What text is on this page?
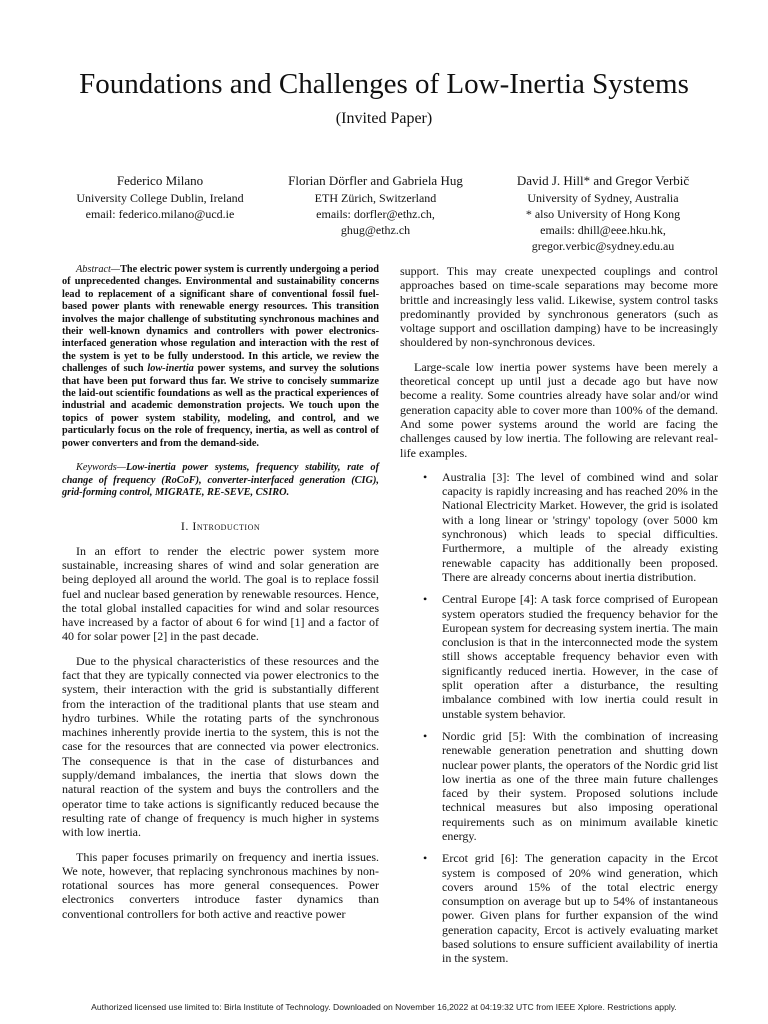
Foundations and Challenges of Low-Inertia Systems
(Invited Paper)
Federico Milano
University College Dublin, Ireland
email: federico.milano@ucd.ie
Florian Dörfler and Gabriela Hug
ETH Zürich, Switzerland
emails: dorfler@ethz.ch,
ghug@ethz.ch
David J. Hill* and Gregor Verbič
University of Sydney, Australia
* also University of Hong Kong
emails: dhill@eee.hku.hk,
gregor.verbic@sydney.edu.au

Abstract—The electric power system is currently undergoing a period of unprecedented changes. Environmental and sustainability concerns lead to replacement of a significant share of conventional fossil fuel-based power plants with renewable energy resources. This transition involves the major challenge of substituting synchronous machines and their well-known dynamics and controllers with power electronics-interfaced generation whose regulation and interaction with the rest of the system is yet to be fully understood. In this article, we review the challenges of such low-inertia power systems, and survey the solutions that have been put forward thus far. We strive to concisely summarize the laid-out scientific foundations as well as the practical experiences of industrial and academic demonstration projects. We touch upon the topics of power system stability, modeling, and control, and we particularly focus on the role of frequency, inertia, as well as control of power converters and from the demand-side.

Keywords—Low-inertia power systems, frequency stability, rate of change of frequency (RoCoF), converter-interfaced generation (CIG), grid-forming control, MIGRATE, RE-SEVE, CSIRO.

I. Introduction

In an effort to render the electric power system more sustainable, increasing shares of wind and solar generation are being deployed all around the world. The goal is to replace fossil fuel and nuclear based generation by renewable resources. Hence, the total global installed capacities for wind and solar resources have increased by a factor of about 6 for wind [1] and a factor of 40 for solar power [2] in the past decade.

Due to the physical characteristics of these resources and the fact that they are typically connected via power electronics to the system, their interaction with the grid is substantially different from the interaction of the traditional plants that use steam and hydro turbines. While the rotating parts of the synchronous machines inherently provide inertia to the system, this is not the case for the resources that are connected via power electronics. The consequence is that in the case of disturbances and supply/demand imbalances, the inertia that slows down the natural reaction of the system and buys the controllers and the operator time to take actions is significantly reduced because the resulting rate of change of frequency is much higher in systems with low inertia.

This paper focuses primarily on frequency and inertia issues. We note, however, that replacing synchronous machines by non-rotational sources has more general consequences. Power electronics converters introduce faster dynamics than conventional controllers for both active and reactive power

support. This may create unexpected couplings and control approaches based on time-scale separations may become more brittle and increasingly less valid. Likewise, system control tasks predominantly provided by synchronous generators (such as voltage support and oscillation damping) have to be increasingly shouldered by non-synchronous devices.

Large-scale low inertia power systems have been merely a theoretical concept up until just a decade ago but have now become a reality. Some countries already have solar and/or wind generation capacity able to cover more than 100% of the demand. And some power systems around the world are facing the challenges caused by low inertia. The following are relevant real-life examples.

• Australia [3]: The level of combined wind and solar capacity is rapidly increasing and has reached 20% in the National Electricity Market. However, the grid is isolated with a long linear or 'stringy' topology (over 5000 km synchronous) which leads to special difficulties. Furthermore, a multiple of the already existing renewable capacity has additionally been proposed. There are already concerns about inertia distribution.
• Central Europe [4]: A task force comprised of European system operators studied the frequency behavior for the European system for decreasing system inertia. The main conclusion is that in the interconnected mode the system still shows acceptable frequency behavior even with significantly reduced inertia. However, in the case of split operation after a disturbance, the resulting imbalance combined with low inertia could result in unstable system behavior.
• Nordic grid [5]: With the combination of increasing renewable generation penetration and shutting down nuclear power plants, the operators of the Nordic grid list low inertia as one of the three main future challenges faced by their system. Proposed solutions include technical measures but also imposing operational requirements such as on minimum available kinetic energy.
• Ercot grid [6]: The generation capacity in the Ercot system is composed of 20% wind generation, which covers around 15% of the total electric energy consumption on average but up to 54% of instantaneous power. Given plans for further expansion of the wind generation capacity, Ercot is actively evaluating market based solutions to ensure sufficient availability of inertia in the system.
Authorized licensed use limited to: Birla Institute of Technology. Downloaded on November 16,2022 at 04:19:32 UTC from IEEE Xplore. Restrictions apply.
